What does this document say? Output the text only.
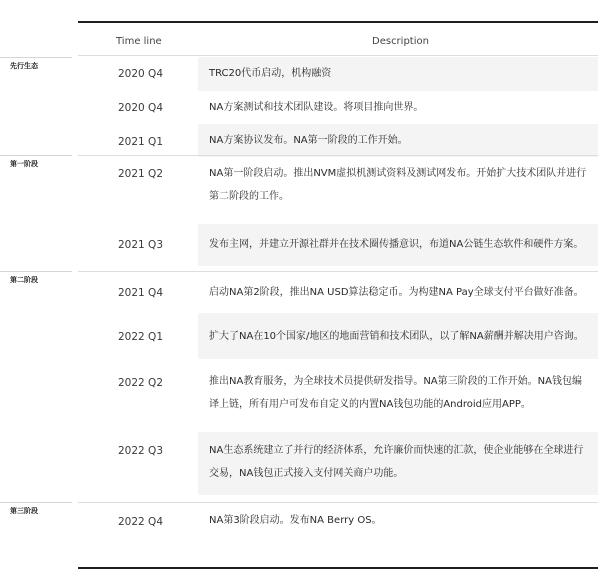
Time line	Description
先行生态
第一阶段
第二阶段
第三阶段
2020 Q4	TRC20代币启动，机构融资
2020 Q4	NA方案测试和技术团队建设。将项目推向世界。
2021 Q1	NA方案协议发布。NA第一阶段的工作开始。
2021 Q2	NA第一阶段启动。推出NVM虚拟机测试资料及测试网发布。开始扩大技术团队并进行
第二阶段的工作。
2021 Q3	发布主网，并建立开源社群并在技术圈传播意识，布道NA公链生态软件和硬件方案。
2021 Q4	启动NA第2阶段，推出NA USD算法稳定币。为构建NA Pay全球支付平台做好准备。
2022 Q1	扩大了NA在10个国家/地区的地面营销和技术团队，以了解NA薪酬并解决用户咨询。
2022 Q2	推出NA教育服务，为全球技术员提供研发指导。NA第三阶段的工作开始。NA钱包编
译上链，所有用户可发布自定义的内置NA钱包功能的Android应用APP。
2022 Q3	NA生态系统建立了并行的经济体系，允许廉价而快速的汇款，使企业能够在全球进行
交易，NA钱包正式接入支付网关商户功能。
2022 Q4	NA第3阶段启动。发布NA Berry OS。
